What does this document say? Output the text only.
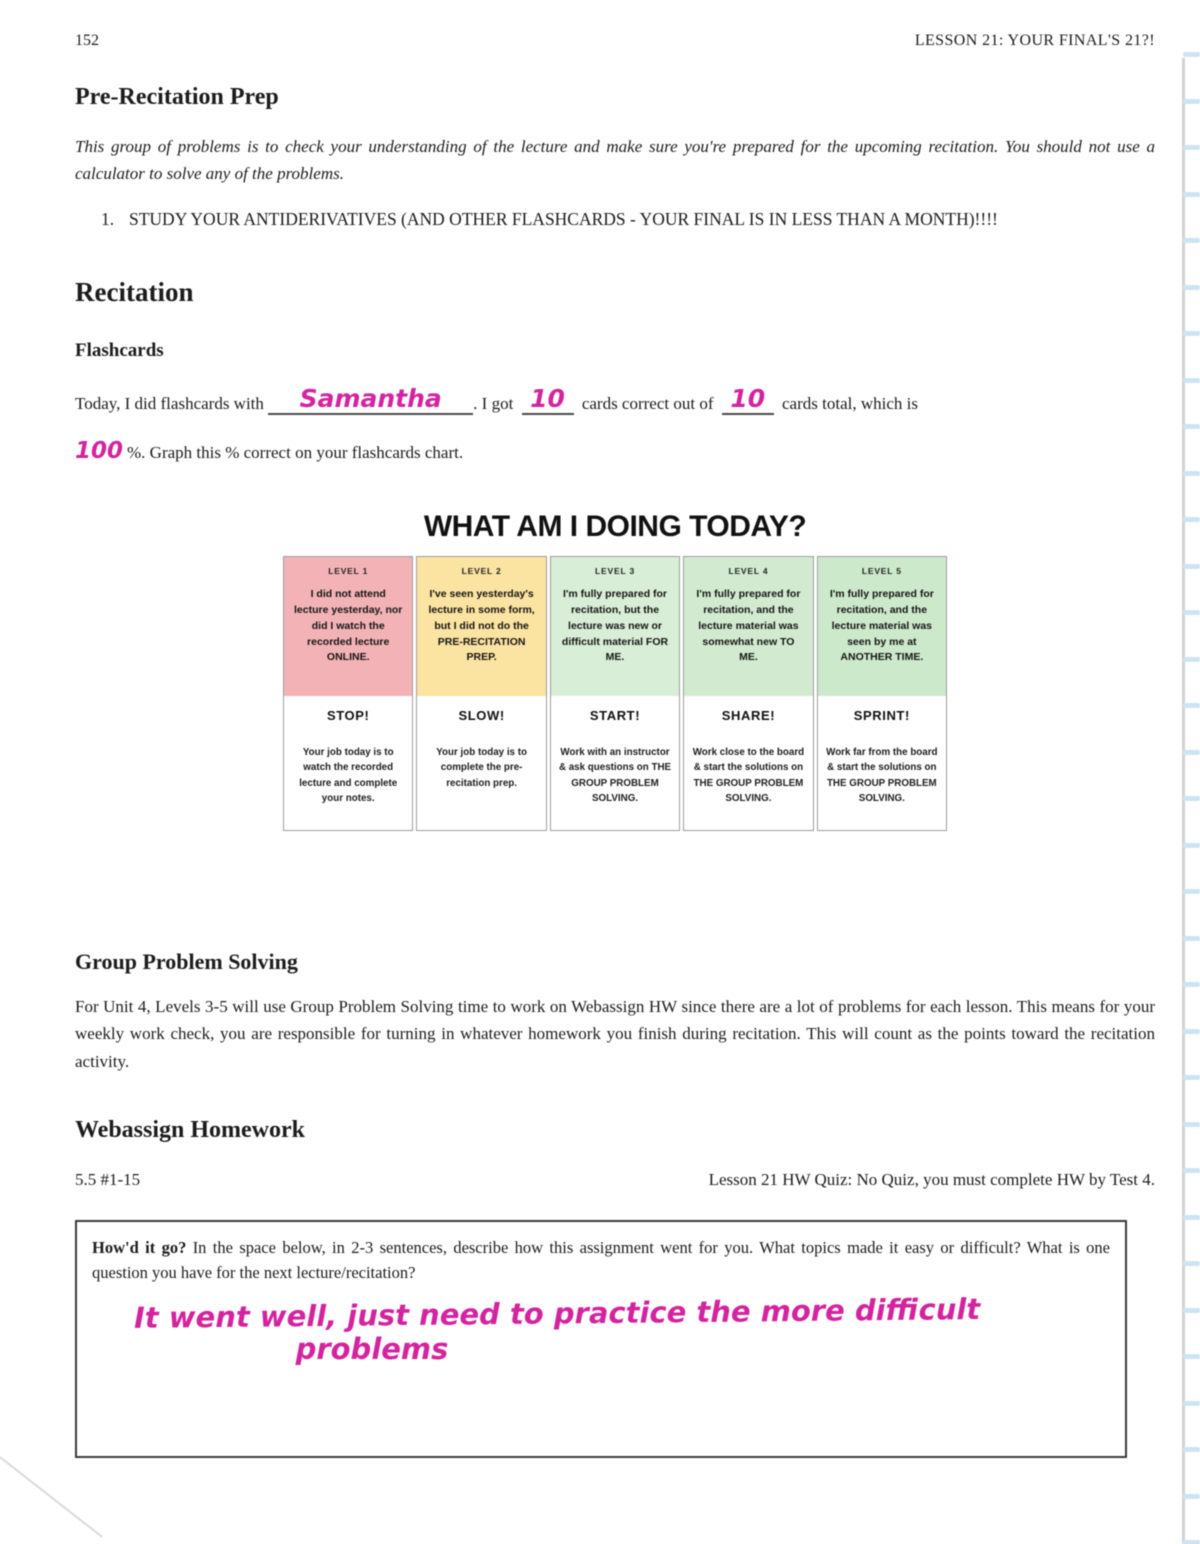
152	LESSON 21: YOUR FINAL'S 21?!
Pre-Recitation Prep
This group of problems is to check your understanding of the lecture and make sure you're prepared for the upcoming recitation. You should not use a calculator to solve any of the problems.
1. STUDY YOUR ANTIDERIVATIVES (AND OTHER FLASHCARDS - YOUR FINAL IS IN LESS THAN A MONTH)!!!!
Recitation
Flashcards
Today, I did flashcards with Samantha . I got 10 cards correct out of 10 cards total, which is
100 %. Graph this % correct on your flashcards chart.
WHAT AM I DOING TODAY?
LEVEL 1
I did not attend lecture yesterday, nor did I watch the recorded lecture ONLINE.
STOP!
Your job today is to watch the recorded lecture and complete your notes.
LEVEL 2
I've seen yesterday's lecture in some form, but I did not do the PRE-RECITATION PREP.
SLOW!
Your job today is to complete the pre-recitation prep.
LEVEL 3
I'm fully prepared for recitation, but the lecture was new or difficult material FOR ME.
START!
Work with an instructor & ask questions on THE GROUP PROBLEM SOLVING.
LEVEL 4
I'm fully prepared for recitation, and the lecture material was somewhat new TO ME.
SHARE!
Work close to the board & start the solutions on THE GROUP PROBLEM SOLVING.
LEVEL 5
I'm fully prepared for recitation, and the lecture material was seen by me at ANOTHER TIME.
SPRINT!
Work far from the board & start the solutions on THE GROUP PROBLEM SOLVING.
Group Problem Solving
For Unit 4, Levels 3-5 will use Group Problem Solving time to work on Webassign HW since there are a lot of problems for each lesson. This means for your weekly work check, you are responsible for turning in whatever homework you finish during recitation. This will count as the points toward the recitation activity.
Webassign Homework
5.5 #1-15	Lesson 21 HW Quiz: No Quiz, you must complete HW by Test 4.
How'd it go? In the space below, in 2-3 sentences, describe how this assignment went for you. What topics made it easy or difficult? What is one question you have for the next lecture/recitation?
It went well, just need to practice the more difficult
problems
